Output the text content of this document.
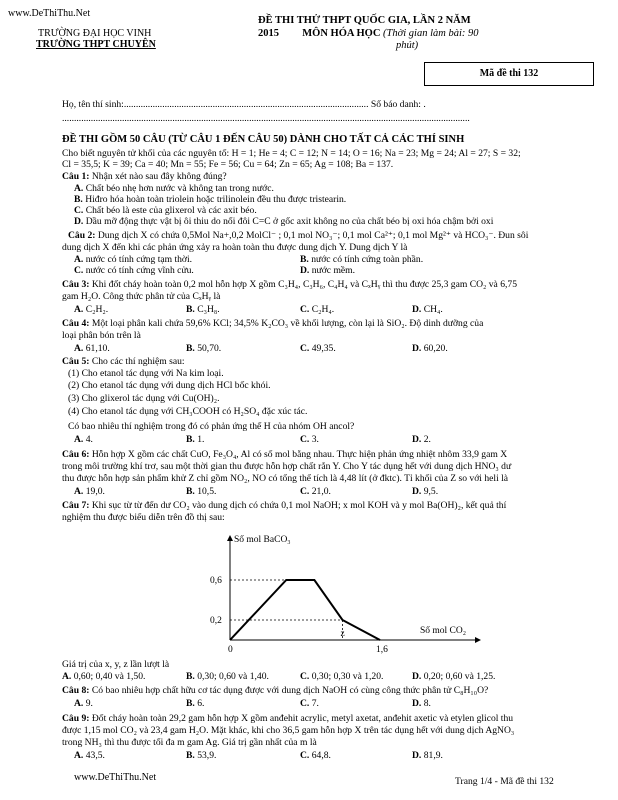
www.DeThiThu.Net
TRƯỜNG ĐẠI HỌC VINH
TRƯỜNG THPT CHUYÊN
ĐỀ THI THỬ THPT QUỐC GIA, LẦN 2 NĂM
2015 MÔN HÓA HỌC (Thời gian làm bài: 90
phút)
Mã đề thi 132
Họ, tên thí sinh:...................................................................................................... Số báo danh: .
..........................................................................................................................................................................
ĐỀ THI GỒM 50 CÂU (TỪ CÂU 1 ĐẾN CÂU 50) DÀNH CHO TẤT CẢ CÁC THÍ SINH
Cho biết nguyên tử khối của các nguyên tố: H = 1; He = 4; C = 12; N = 14; O = 16; Na = 23; Mg = 24; Al = 27; S = 32;
Cl = 35,5; K = 39; Ca = 40; Mn = 55; Fe = 56; Cu = 64; Zn = 65; Ag = 108; Ba = 137.
Câu 1: Nhận xét nào sau đây không đúng?
A. Chất béo nhẹ hơn nước và không tan trong nước.
B. Hiđro hóa hoàn toàn triolein hoặc trilinolein đều thu được tristearin.
C. Chất béo là este của glixerol và các axit béo.
D. Dầu mỡ động thực vật bị ôi thiu do nối đôi C=C ở gốc axit không no của chất béo bị oxi hóa chậm bởi oxi
Câu 2: Dung dịch X có chứa 0,5Mol Na+,0,2 MolCl⁻ ; 0,1 mol NO₃⁻; 0,1 mol Ca²⁺; 0,1 mol Mg²⁺ và HCO₃⁻. Đun sôi
dung dịch X đến khi các phản ứng xảy ra hoàn toàn thu được dung dịch Y. Dung dịch Y là
A. nước có tính cứng tạm thời.	B. nước có tính cứng toàn phần.
C. nước có tính cứng vĩnh cửu.	D. nước mềm.
Câu 3: Khi đốt cháy hoàn toàn 0,2 mol hỗn hợp X gồm C₃H₄, C₃H₆, C₄H₄ và CₓHᵧ thì thu được 25,3 gam CO₂ và 6,75
gam H₂O. Công thức phân tử của CₓHᵧ là
A. C₂H₂.	B. C₃H₈.	C. C₂H₄.	D. CH₄.
Câu 4: Một loại phân kali chứa 59,6% KCl; 34,5% K₂CO₃ về khối lượng, còn lại là SiO₂. Độ dinh dưỡng của
loại phân bón trên là
A. 61,10.	B. 50,70.	C. 49,35.	D. 60,20.
Câu 5: Cho các thí nghiệm sau:
(1) Cho etanol tác dụng với Na kim loại.
(2) Cho etanol tác dụng với dung dịch HCl bốc khói.
(3) Cho glixerol tác dụng với Cu(OH)₂.
(4) Cho etanol tác dụng với CH₃COOH có H₂SO₄ đặc xúc tác.
Có bao nhiêu thí nghiệm trong đó có phản ứng thế H của nhóm OH ancol?
A. 4.	B. 1.	C. 3.	D. 2.
Câu 6: Hỗn hợp X gồm các chất CuO, Fe₃O₄, Al có số mol bằng nhau. Thực hiện phản ứng nhiệt nhôm 33,9 gam X
trong môi trường khí trơ, sau một thời gian thu được hỗn hợp chất rắn Y. Cho Y tác dụng hết với dung dịch HNO₃ dư
thu được hỗn hợp sản phẩm khử Z chỉ gồm NO₂, NO có tổng thể tích là 4,48 lít (ở đktc). Tỉ khối của Z so với heli là
A. 19,0.	B. 10,5.	C. 21,0.	D. 9,5.
Câu 7: Khi sục từ từ đến dư CO₂ vào dung dịch có chứa 0,1 mol NaOH; x mol KOH và y mol Ba(OH)₂, kết quả thí
nghiệm thu được biểu diễn trên đồ thị sau:
Số mol BaCO₃
Số mol CO₂
0
0,6
0,2
z
1,6
Giá trị của x, y, z lần lượt là
A. 0,60; 0,40 và 1,50.	B. 0,30; 0,60 và 1,40.	C. 0,30; 0,30 và 1,20.	D. 0,20; 0,60 và 1,25.
Câu 8: Có bao nhiêu hợp chất hữu cơ tác dụng được với dung dịch NaOH có cùng công thức phân tử C₈H₁₀O?
A. 9.	B. 6.	C. 7.	D. 8.
Câu 9: Đốt cháy hoàn toàn 29,2 gam hỗn hợp X gồm anđehit acrylic, metyl axetat, anđehit axetic và etylen glicol thu
được 1,15 mol CO₂ và 23,4 gam H₂O. Mặt khác, khi cho 36,5 gam hỗn hợp X trên tác dụng hết với dung dịch AgNO₃
trong NH₃ thì thu được tối đa m gam Ag. Giá trị gần nhất của m là
A. 43,5.	B. 53,9.	C. 64,8.	D. 81,9.
www.DeThiThu.Net	Trang 1/4 - Mã đề thi 132
